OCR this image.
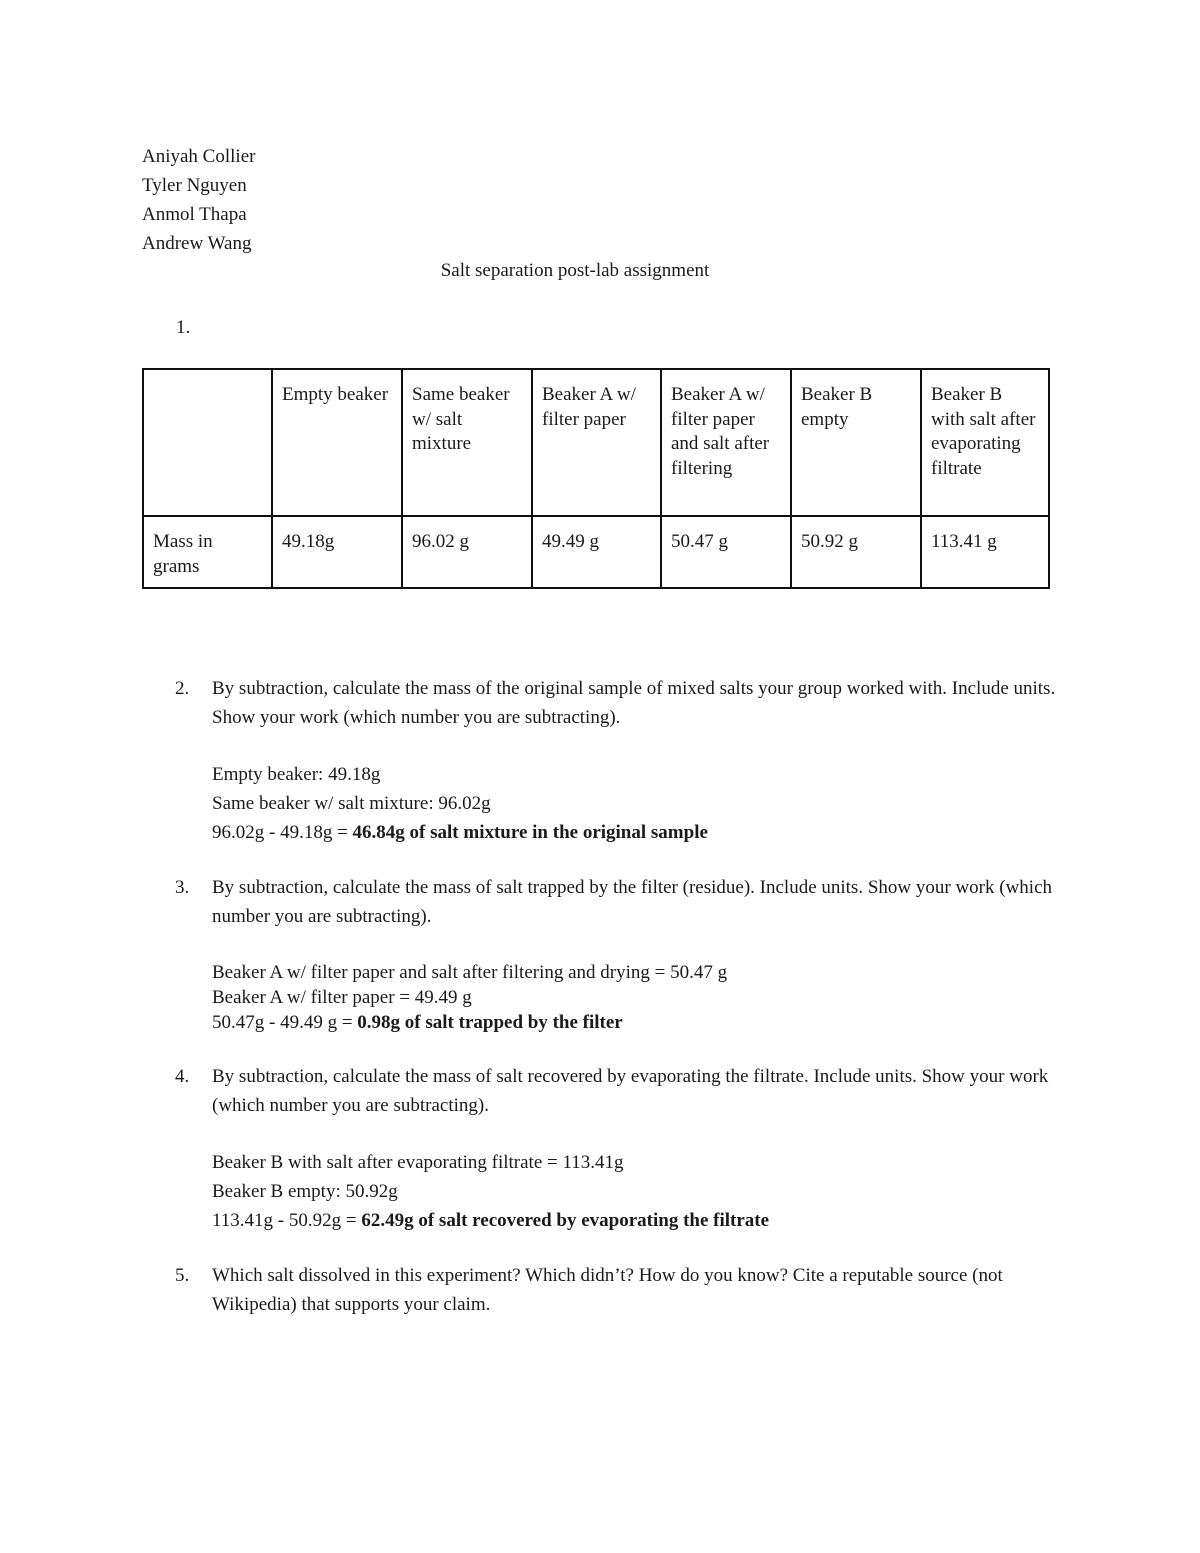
Aniyah Collier
Tyler Nguyen
Anmol Thapa
Andrew Wang
Salt separation post-lab assignment
1.
	Empty beaker	Same beaker w/ salt mixture	Beaker A w/ filter paper	Beaker A w/ filter paper and salt after filtering	Beaker B empty	Beaker B with salt after evaporating filtrate
Mass in grams	49.18g	96.02 g	49.49 g	50.47 g	50.92 g	113.41 g
2. By subtraction, calculate the mass of the original sample of mixed salts your group worked with. Include units. Show your work (which number you are subtracting).
Empty beaker: 49.18g
Same beaker w/ salt mixture: 96.02g
96.02g - 49.18g = 46.84g of salt mixture in the original sample
3. By subtraction, calculate the mass of salt trapped by the filter (residue). Include units. Show your work (which number you are subtracting).
Beaker A w/ filter paper and salt after filtering and drying = 50.47 g
Beaker A w/ filter paper = 49.49 g
50.47g - 49.49 g = 0.98g of salt trapped by the filter
4. By subtraction, calculate the mass of salt recovered by evaporating the filtrate. Include units. Show your work (which number you are subtracting).
Beaker B with salt after evaporating filtrate = 113.41g
Beaker B empty: 50.92g
113.41g - 50.92g = 62.49g of salt recovered by evaporating the filtrate
5. Which salt dissolved in this experiment? Which didn’t? How do you know? Cite a reputable source (not Wikipedia) that supports your claim.
